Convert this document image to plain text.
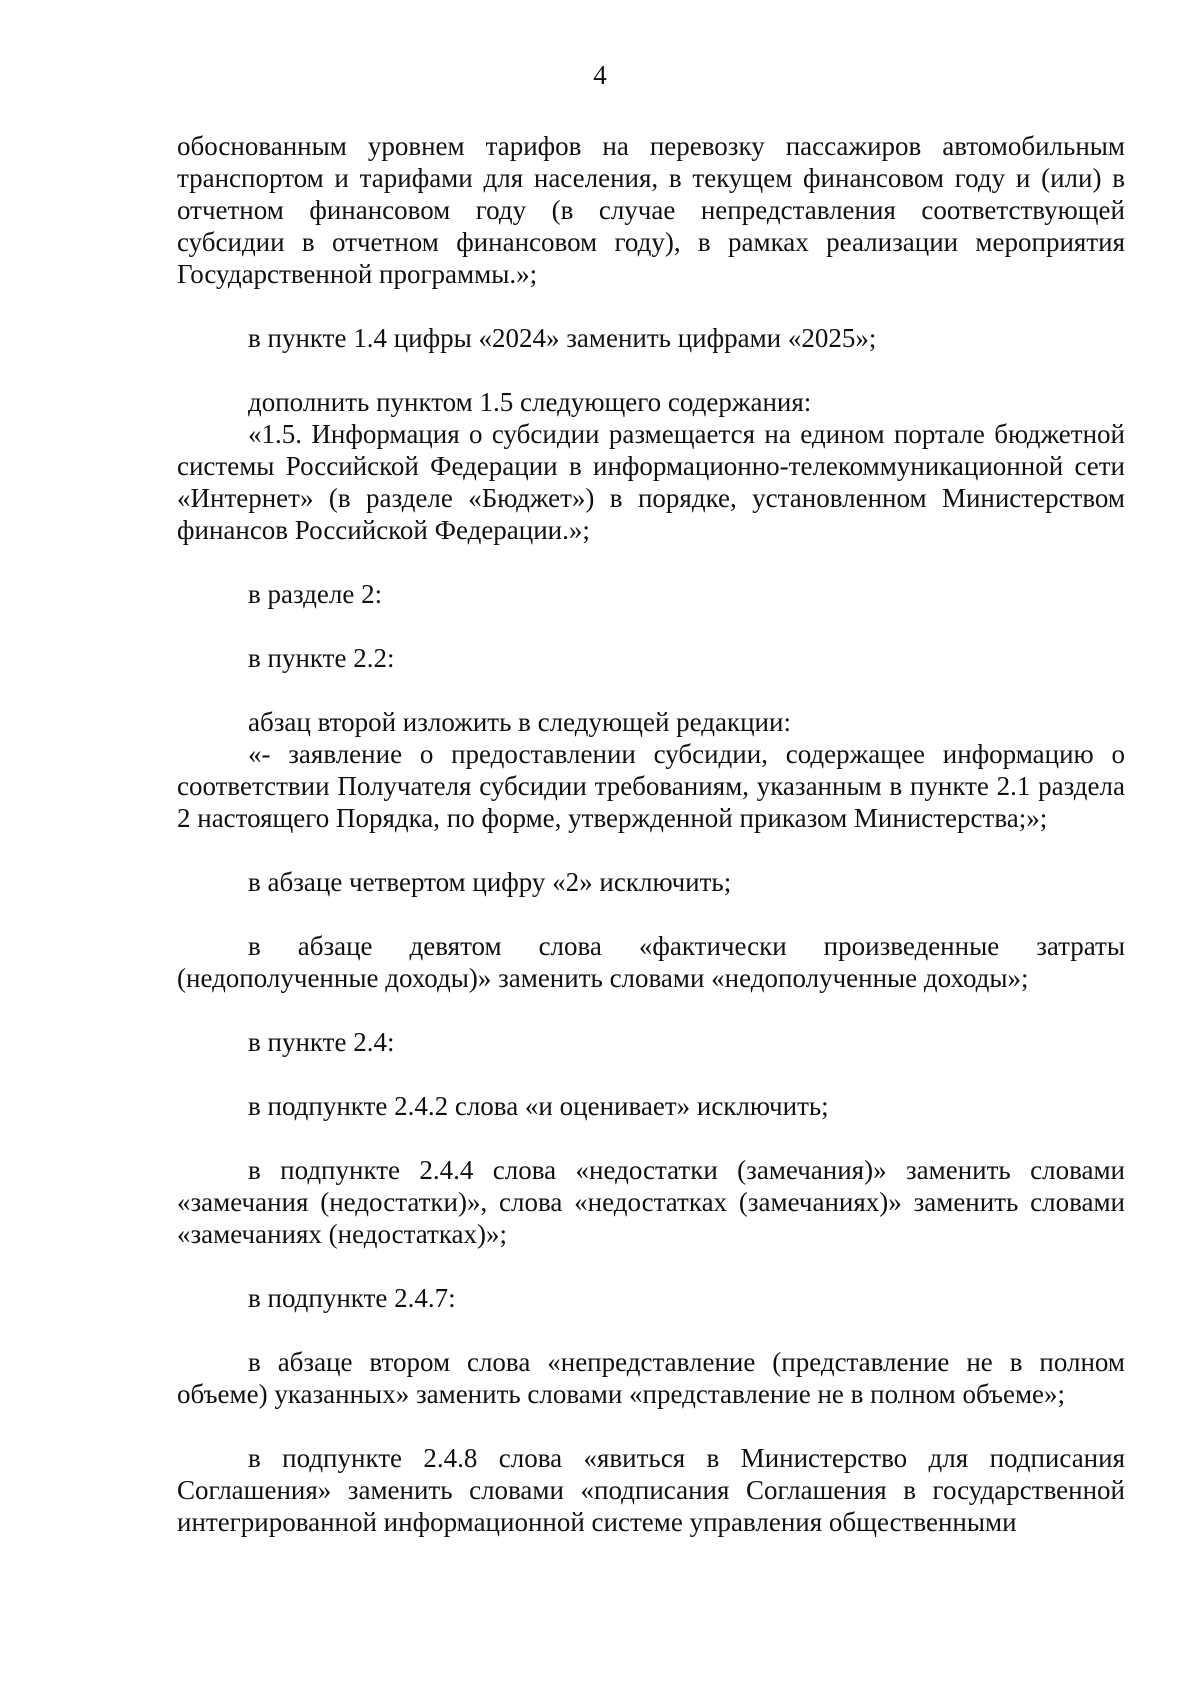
4

обоснованным уровнем тарифов на перевозку пассажиров автомобильным транспортом и тарифами для населения, в текущем финансовом году и (или) в отчетном финансовом году (в случае непредставления соответствующей субсидии в отчетном финансовом году), в рамках реализации мероприятия Государственной программы.»;

в пункте 1.4 цифры «2024» заменить цифрами «2025»;

дополнить пунктом 1.5 следующего содержания:

«1.5. Информация о субсидии размещается на едином портале бюджетной системы Российской Федерации в информационно-телекоммуникационной сети «Интернет» (в разделе «Бюджет») в порядке, установленном Министерством финансов Российской Федерации.»;

в разделе 2:

в пункте 2.2:

абзац второй изложить в следующей редакции:

«- заявление о предоставлении субсидии, содержащее информацию о соответствии Получателя субсидии требованиям, указанным в пункте 2.1 раздела 2 настоящего Порядка, по форме, утвержденной приказом Министерства;»;

в абзаце четвертом цифру «2» исключить;

в абзаце девятом слова «фактически произведенные затраты (недополученные доходы)» заменить словами «недополученные доходы»;

в пункте 2.4:

в подпункте 2.4.2 слова «и оценивает» исключить;

в подпункте 2.4.4 слова «недостатки (замечания)» заменить словами «замечания (недостатки)», слова «недостатках (замечаниях)» заменить словами «замечаниях (недостатках)»;

в подпункте 2.4.7:

в абзаце втором слова «непредставление (представление не в полном объеме) указанных» заменить словами «представление не в полном объеме»;

в подпункте 2.4.8 слова «явиться в Министерство для подписания Соглашения» заменить словами «подписания Соглашения в государственной интегрированной информационной системе управления общественными
